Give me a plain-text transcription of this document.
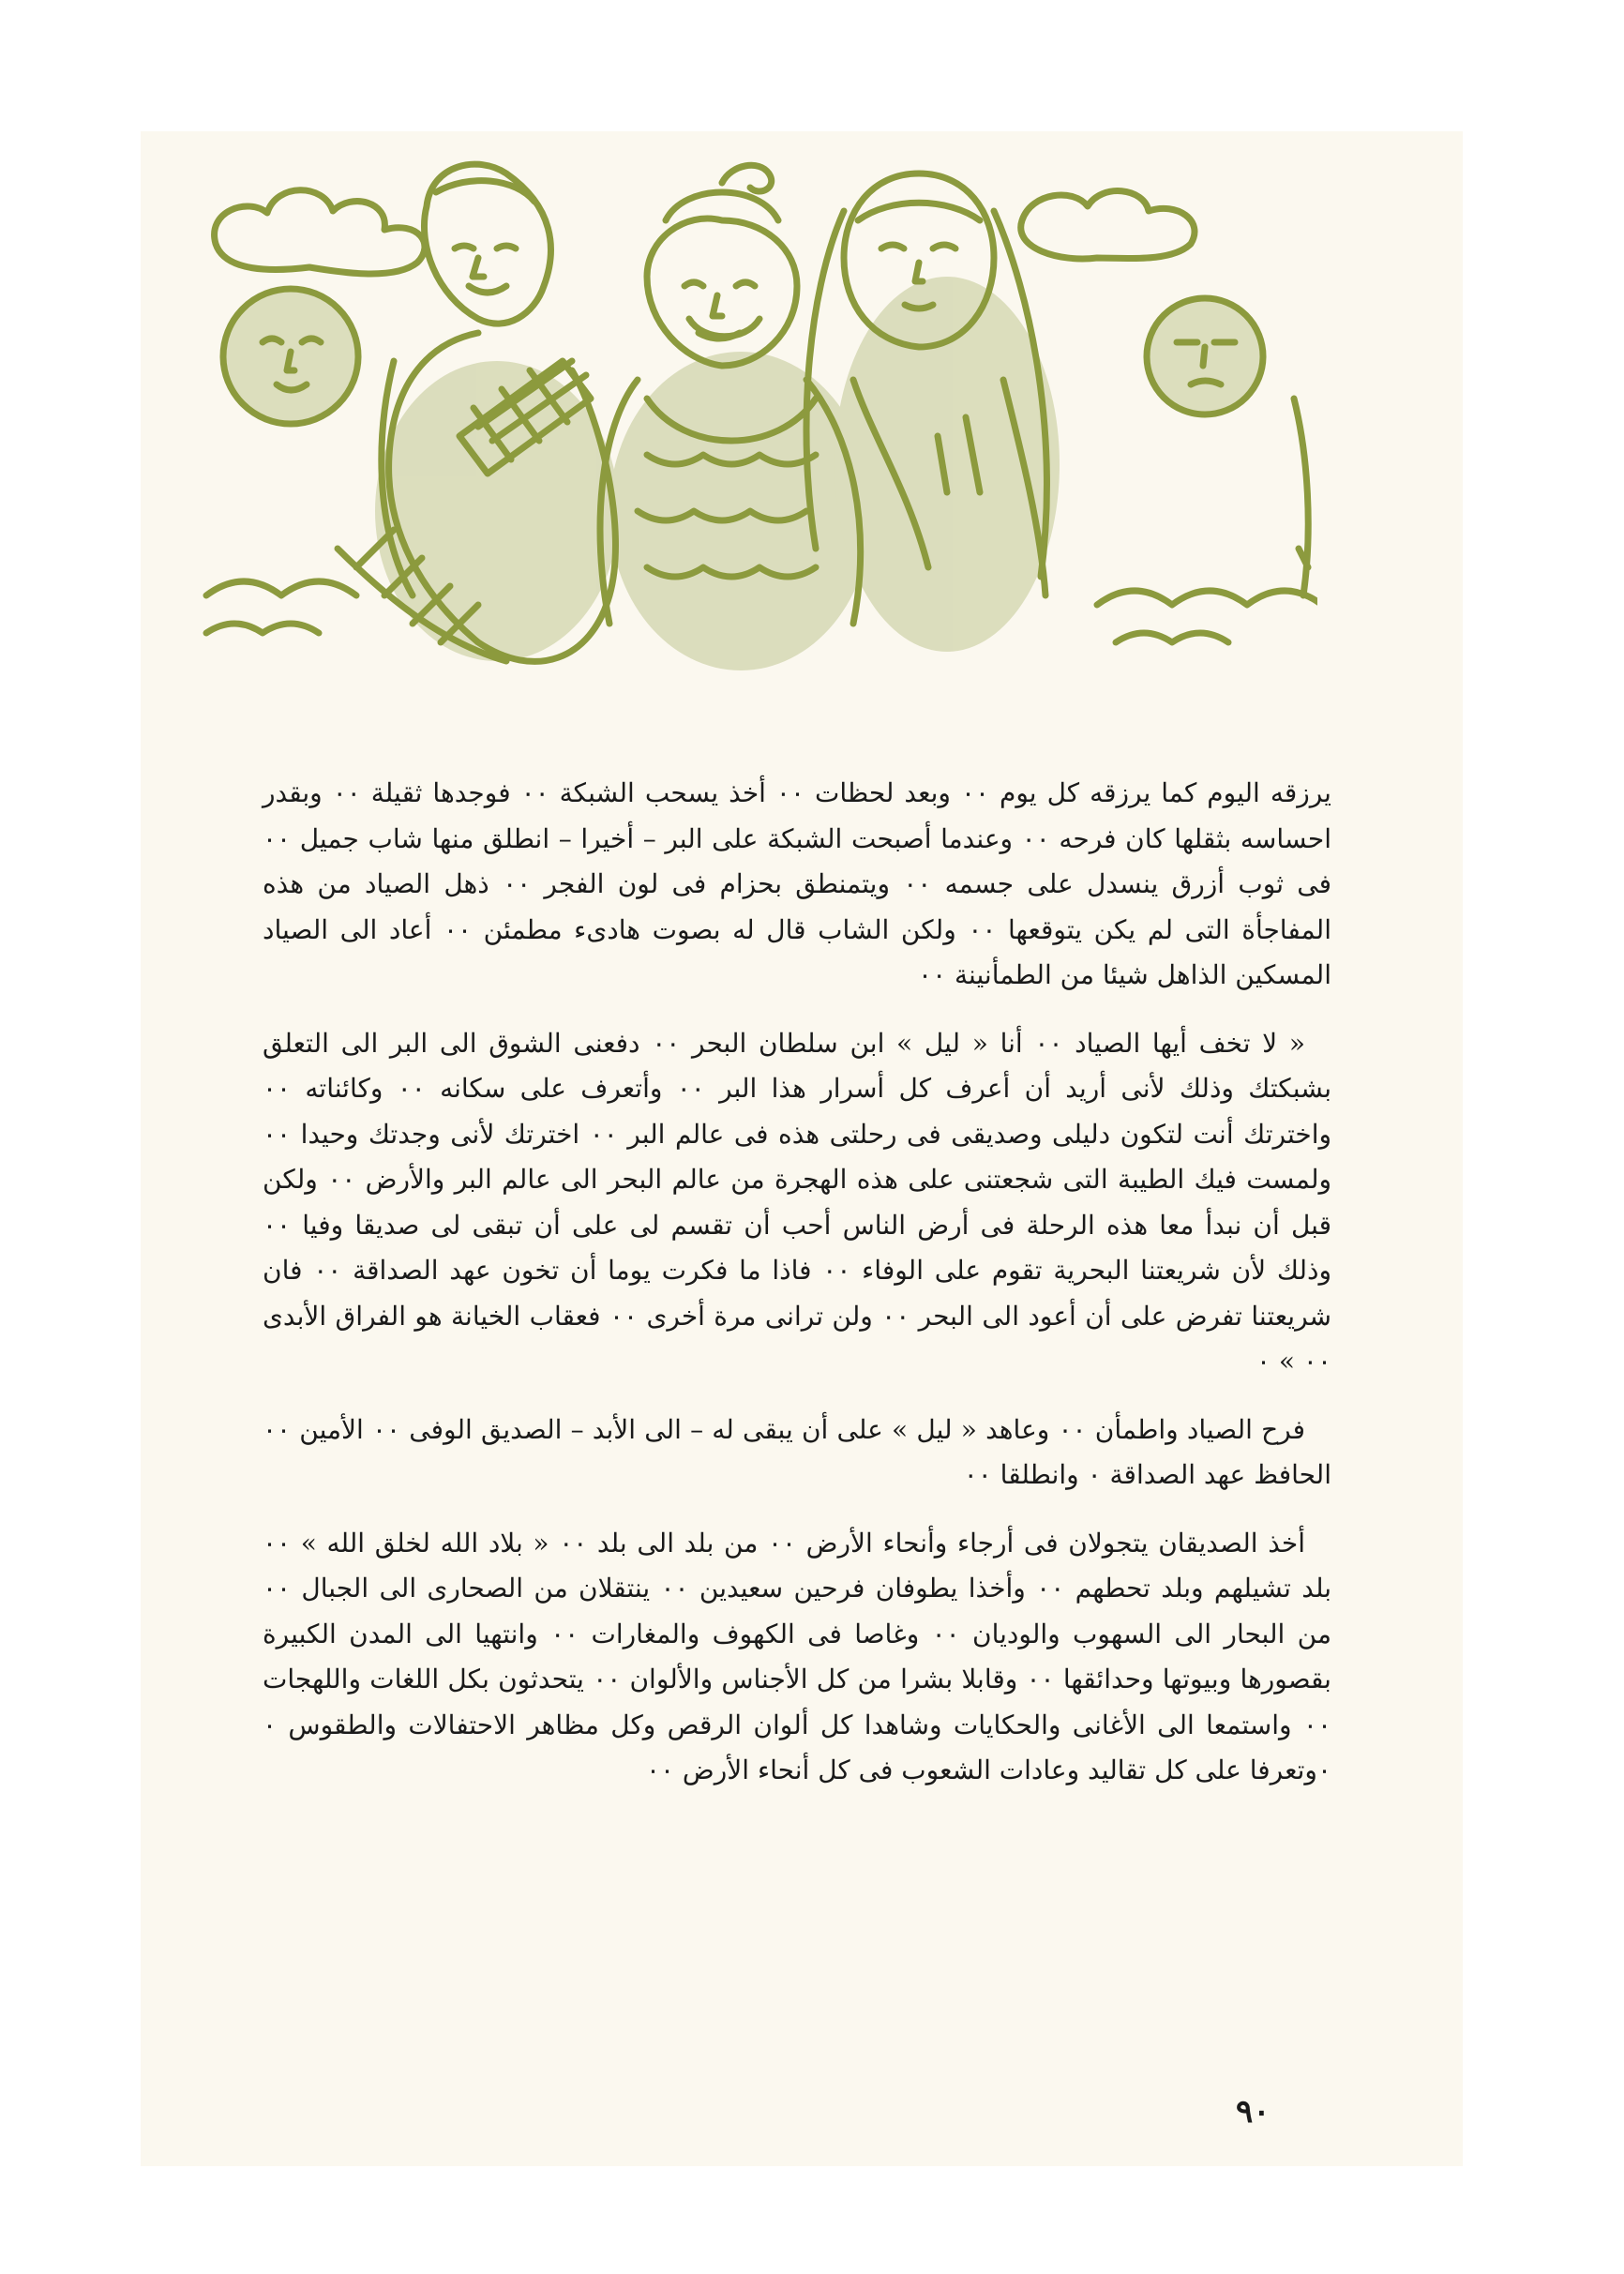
يرزقه اليوم كما يرزقه كل يوم ٠٠ وبعد لحظات ٠٠ أخذ يسحب الشبكة ٠٠ فوجدها ثقيلة ٠٠ وبقدر احساسه بثقلها كان فرحه ٠٠ وعندما أصبحت الشبكة على البر – أخيرا – انطلق منها شاب جميل ٠٠ فى ثوب أزرق ينسدل على جسمه ٠٠ ويتمنطق بحزام فى لون الفجر ٠٠ ذهل الصياد من هذه المفاجأة التى لم يكن يتوقعها ٠٠ ولكن الشاب قال له بصوت هادىء مطمئن ٠٠ أعاد الى الصياد المسكين الذاهل شيئا من الطمأنينة ٠٠

« لا تخف أيها الصياد ٠٠ أنا « ليل » ابن سلطان البحر ٠٠ دفعنى الشوق الى البر الى التعلق بشبكتك وذلك لأنى أريد أن أعرف كل أسرار هذا البر ٠٠ وأتعرف على سكانه ٠٠ وكائناته ٠٠ واخترتك أنت لتكون دليلى وصديقى فى رحلتى هذه فى عالم البر ٠٠ اخترتك لأنى وجدتك وحيدا ٠٠ ولمست فيك الطيبة التى شجعتنى على هذه الهجرة من عالم البحر الى عالم البر والأرض ٠٠ ولكن قبل أن نبدأ معا هذه الرحلة فى أرض الناس أحب أن تقسم لى على أن تبقى لى صديقا وفيا ٠٠ وذلك لأن شريعتنا البحرية تقوم على الوفاء ٠٠ فاذا ما فكرت يوما أن تخون عهد الصداقة ٠٠ فان شريعتنا تفرض على أن أعود الى البحر ٠٠ ولن ترانى مرة أخرى ٠٠ فعقاب الخيانة هو الفراق الأبدى ٠٠ » ٠

فرح الصياد واطمأن ٠٠ وعاهد « ليل » على أن يبقى له – الى الأبد – الصديق الوفى ٠٠ الأمين ٠٠ الحافظ عهد الصداقة ٠ وانطلقا ٠٠

أخذ الصديقان يتجولان فى أرجاء وأنحاء الأرض ٠٠ من بلد الى بلد ٠٠ « بلاد الله لخلق الله » ٠٠ بلد تشيلهم وبلد تحطهم ٠٠ وأخذا يطوفان فرحين سعيدين ٠٠ ينتقلان من الصحارى الى الجبال ٠٠ من البحار الى السهوب والوديان ٠٠ وغاصا فى الكهوف والمغارات ٠٠ وانتهيا الى المدن الكبيرة بقصورها وبيوتها وحدائقها ٠٠ وقابلا بشرا من كل الأجناس والألوان ٠٠ يتحدثون بكل اللغات واللهجات ٠٠ واستمعا الى الأغانى والحكايات وشاهدا كل ألوان الرقص وكل مظاهر الاحتفالات والطقوس ٠ ٠وتعرفا على كل تقاليد وعادات الشعوب فى كل أنحاء الأرض ٠٠

٩٠
